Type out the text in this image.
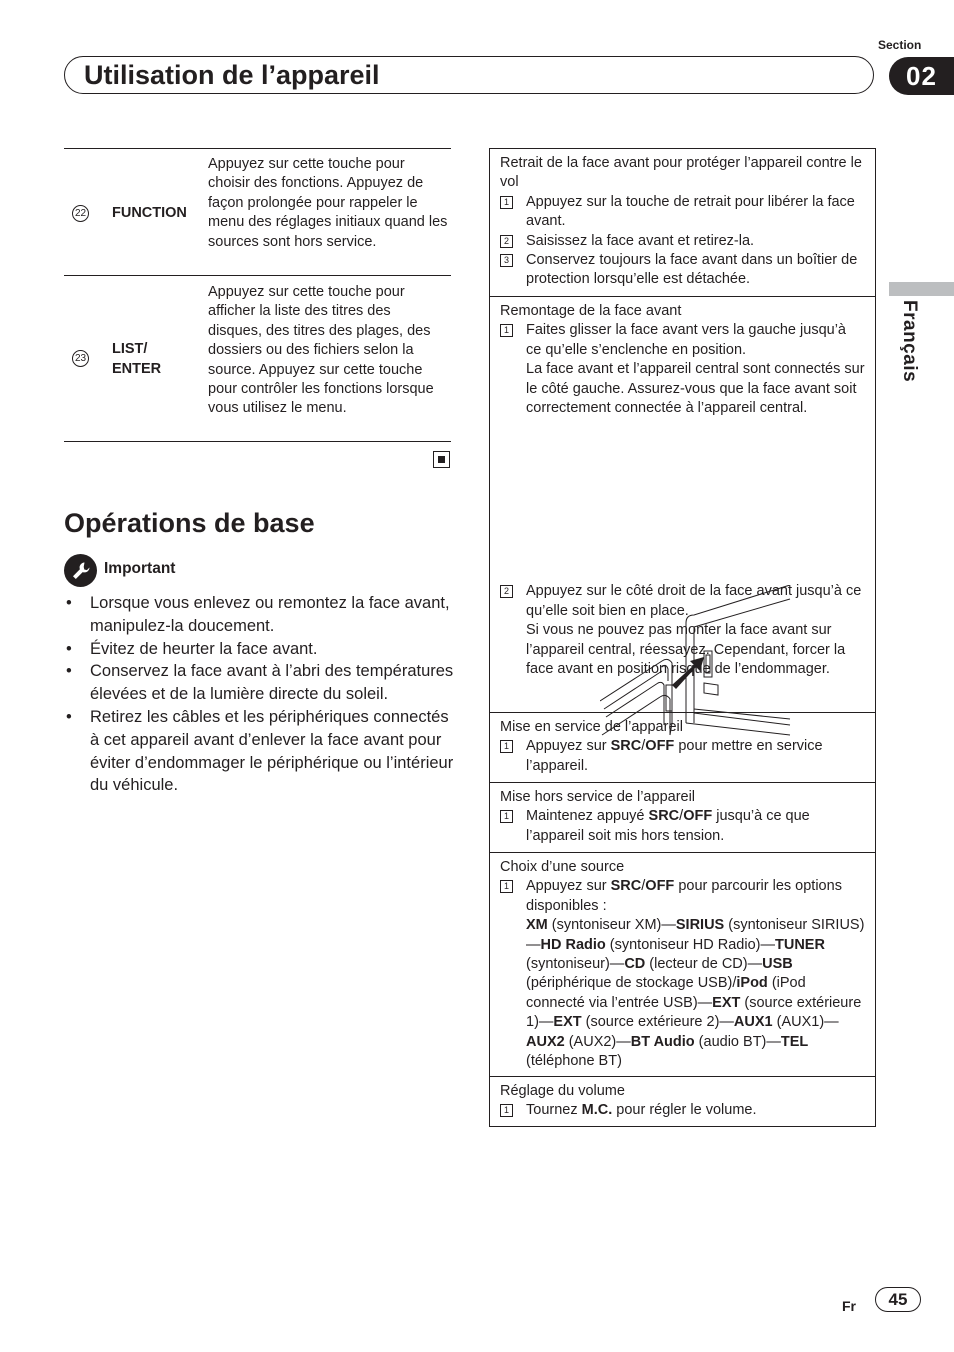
Section
02
Utilisation de l’appareil
Français
22 FUNCTION
Appuyez sur cette touche pour choisir des fonctions. Appuyez de façon prolongée pour rappeler le menu des réglages initiaux quand les sources sont hors service.
23
LIST/ ENTER
Appuyez sur cette touche pour afficher la liste des titres des disques, des titres des plages, des dossiers ou des fichiers selon la source. Appuyez sur cette touche pour contrôler les fonctions lorsque vous utilisez le menu.
Opérations de base
Important
• Lorsque vous enlevez ou remontez la face avant, manipulez-la doucement.
• Évitez de heurter la face avant.
• Conservez la face avant à l’abri des températures élevées et de la lumière directe du soleil.
• Retirez les câbles et les périphériques connectés à cet appareil avant d’enlever la face avant pour éviter d’endommager le périphérique ou l’intérieur du véhicule.
Retrait de la face avant pour protéger l’appareil contre le vol
1 Appuyez sur la touche de retrait pour libérer la face avant.
2 Saisissez la face avant et retirez-la.
3 Conservez toujours la face avant dans un boîtier de protection lorsqu’elle est détachée.
Remontage de la face avant
1 Faites glisser la face avant vers la gauche jusqu’à ce qu’elle s’enclenche en position.
La face avant et l’appareil central sont connectés sur le côté gauche. Assurez-vous que la face avant soit correctement connectée à l’appareil central.
2 Appuyez sur le côté droit de la face avant jusqu’à ce qu’elle soit bien en place.
Si vous ne pouvez pas monter la face avant sur l’appareil central, réessayez. Cependant, forcer la face avant en position risque de l’endommager.
Mise en service de l’appareil
1 Appuyez sur SRC/OFF pour mettre en service l’appareil.
Mise hors service de l’appareil
1 Maintenez appuyé SRC/OFF jusqu’à ce que l’appareil soit mis hors tension.
Choix d’une source
1 Appuyez sur SRC/OFF pour parcourir les options disponibles :
XM (syntoniseur XM)—SIRIUS (syntoniseur SIRIUS)—HD Radio (syntoniseur HD Radio)—TUNER (syntoniseur)—CD (lecteur de CD)—USB (périphérique de stockage USB)/iPod (iPod connecté via l’entrée USB)—EXT (source extérieure 1)—EXT (source extérieure 2)—AUX1 (AUX1)—AUX2 (AUX2)—BT Audio (audio BT)—TEL (téléphone BT)
Réglage du volume
1 Tournez M.C. pour régler le volume.
Fr	45
